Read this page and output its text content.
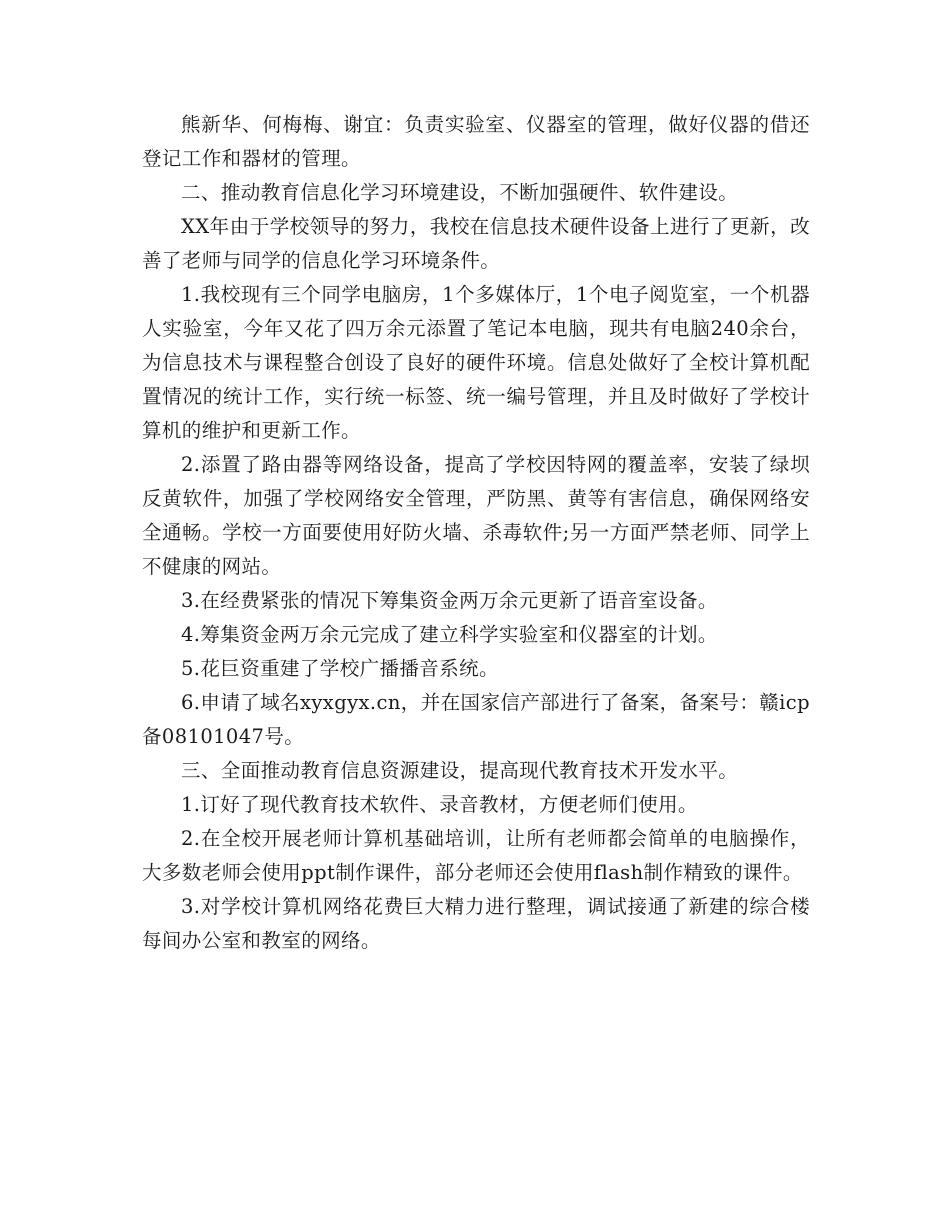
熊新华、何梅梅、谢宜：负责实验室、仪器室的管理，做好仪器的借还登记工作和器材的管理。

二、推动教育信息化学习环境建设，不断加强硬件、软件建设。

XX年由于学校领导的努力，我校在信息技术硬件设备上进行了更新，改善了老师与同学的信息化学习环境条件。

1.我校现有三个同学电脑房，1个多媒体厅，1个电子阅览室，一个机器人实验室，今年又花了四万余元添置了笔记本电脑，现共有电脑240余台，为信息技术与课程整合创设了良好的硬件环境。信息处做好了全校计算机配置情况的统计工作，实行统一标签、统一编号管理，并且及时做好了学校计算机的维护和更新工作。

2.添置了路由器等网络设备，提高了学校因特网的覆盖率，安装了绿坝反黄软件，加强了学校网络安全管理，严防黑、黄等有害信息，确保网络安全通畅。学校一方面要使用好防火墙、杀毒软件;另一方面严禁老师、同学上不健康的网站。

3.在经费紧张的情况下筹集资金两万余元更新了语音室设备。

4.筹集资金两万余元完成了建立科学实验室和仪器室的计划。

5.花巨资重建了学校广播播音系统。

6.申请了域名xyxgyx.cn，并在国家信产部进行了备案，备案号：赣icp备08101047号。

三、全面推动教育信息资源建设，提高现代教育技术开发水平。

1.订好了现代教育技术软件、录音教材，方便老师们使用。

2.在全校开展老师计算机基础培训，让所有老师都会简单的电脑操作，大多数老师会使用ppt制作课件，部分老师还会使用flash制作精致的课件。

3.对学校计算机网络花费巨大精力进行整理，调试接通了新建的综合楼每间办公室和教室的网络。
